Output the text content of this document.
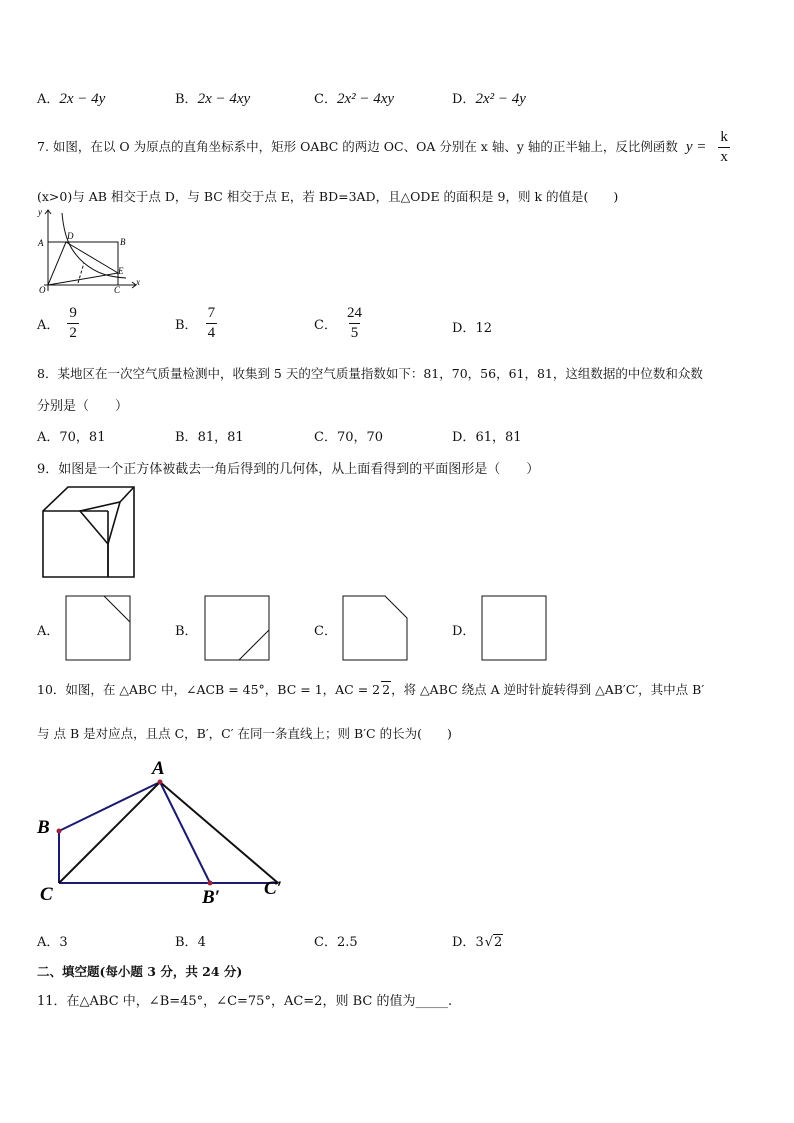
A．2x − 4y	B．2x − 4xy	C．2x² − 4xy	D．2x² − 4y
7. 如图，在以 O 为原点的直角坐标系中，矩形 OABC 的两边 OC、OA 分别在 x 轴、y 轴的正半轴上，反比例函数 $y = \frac{k}{x}$
(x>0)与 AB 相交于点 D，与 BC 相交于点 E，若 BD=3AD，且△ODE 的面积是 9，则 k 的值是(　　)
y
A
D
B
E
O	C
x
A． $\frac{9}{2}$	B． $\frac{7}{4}$	C． $\frac{24}{5}$	D．12
8．某地区在一次空气质量检测中，收集到 5 天的空气质量指数如下：81，70，56，61，81，这组数据的中位数和众数
分别是（　　）
A．70，81	B．81，81	C．70，70	D．61，81
9．如图是一个正方体被截去一角后得到的几何体，从上面看得到的平面图形是（　　）
A．	B．	C．	D．
10．如图，在 △ABC 中，∠ACB = 45°，BC = 1，AC = 2 2，将 △ABC 绕点 A 逆时针旋转得到 △AB′C′，其中点 B′
与 点 B 是对应点，且点 C，B′，C′ 在同一条直线上；则 B′C 的长为(　　)
A
B
C	B′ C′
A．3	B．4	C．2.5	D．3√2
二、填空题(每小题 3 分，共 24 分)
11．在△ABC 中，∠B=45°，∠C=75°，AC=2，则 BC 的值为_____.
